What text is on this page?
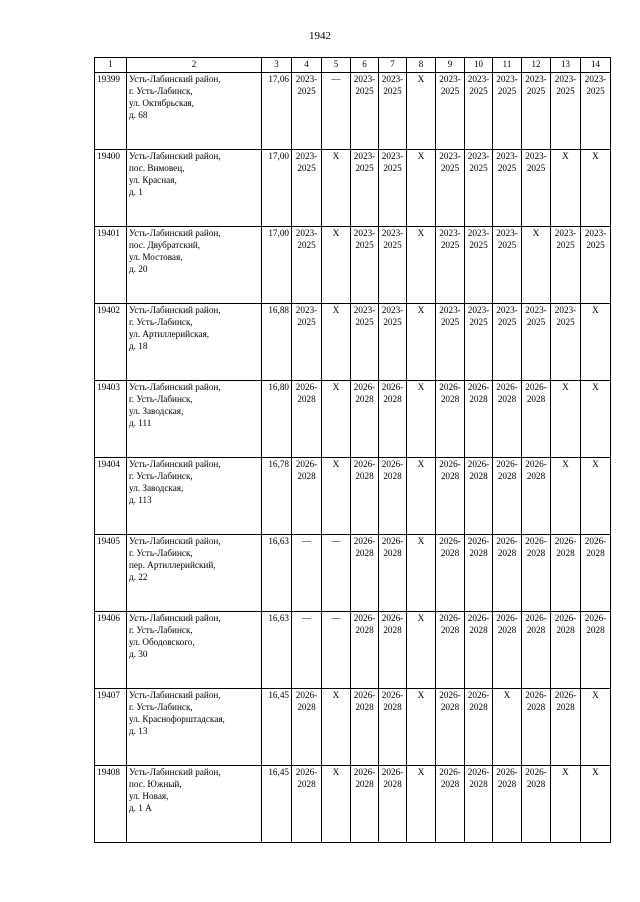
1942
1	2	3	4	5	6	7	8	9	10	11	12	13	14
19399	Усть-Лабинский район,
г. Усть-Лабинск,
ул. Октябрьская,
д. 68	17,06	2023-
2025	—	2023-
2025	2023-
2025	X	2023-
2025	2023-
2025	2023-
2025	2023-
2025	2023-
2025	2023-
2025
19400	Усть-Лабинский район,
пос. Вимовец,
ул. Красная,
д. 1	17,00	2023-
2025	X	2023-
2025	2023-
2025	X	2023-
2025	2023-
2025	2023-
2025	2023-
2025	X	X
19401	Усть-Лабинский район,
пос. Двубратский,
ул. Мостовая,
д. 20	17,00	2023-
2025	X	2023-
2025	2023-
2025	X	2023-
2025	2023-
2025	2023-
2025	X	2023-
2025	2023-
2025
19402	Усть-Лабинский район,
г. Усть-Лабинск,
ул. Артиллерийская,
д. 18	16,88	2023-
2025	X	2023-
2025	2023-
2025	X	2023-
2025	2023-
2025	2023-
2025	2023-
2025	2023-
2025	X
19403	Усть-Лабинский район,
г. Усть-Лабинск,
ул. Заводская,
д. 111	16,80	2026-
2028	X	2026-
2028	2026-
2028	X	2026-
2028	2026-
2028	2026-
2028	2026-
2028	X	X
19404	Усть-Лабинский район,
г. Усть-Лабинск,
ул. Заводская,
д. 113	16,78	2026-
2028	X	2026-
2028	2026-
2028	X	2026-
2028	2026-
2028	2026-
2028	2026-
2028	X	X
19405	Усть-Лабинский район,
г. Усть-Лабинск,
пер. Артиллерийский,
д. 22	16,63	—	—	2026-
2028	2026-
2028	X	2026-
2028	2026-
2028	2026-
2028	2026-
2028	2026-
2028	2026-
2028
19406	Усть-Лабинский район,
г. Усть-Лабинск,
ул. Ободовского,
д. 30	16,63	—	—	2026-
2028	2026-
2028	X	2026-
2028	2026-
2028	2026-
2028	2026-
2028	2026-
2028	2026-
2028
19407	Усть-Лабинский район,
г. Усть-Лабинск,
ул. Краснофорштадская,
д. 13	16,45	2026-
2028	X	2026-
2028	2026-
2028	X	2026-
2028	2026-
2028	X	2026-
2028	2026-
2028	X
19408	Усть-Лабинский район,
пос. Южный,
ул. Новая,
д. 1 А	16,45	2026-
2028	X	2026-
2028	2026-
2028	X	2026-
2028	2026-
2028	2026-
2028	2026-
2028	X	X
